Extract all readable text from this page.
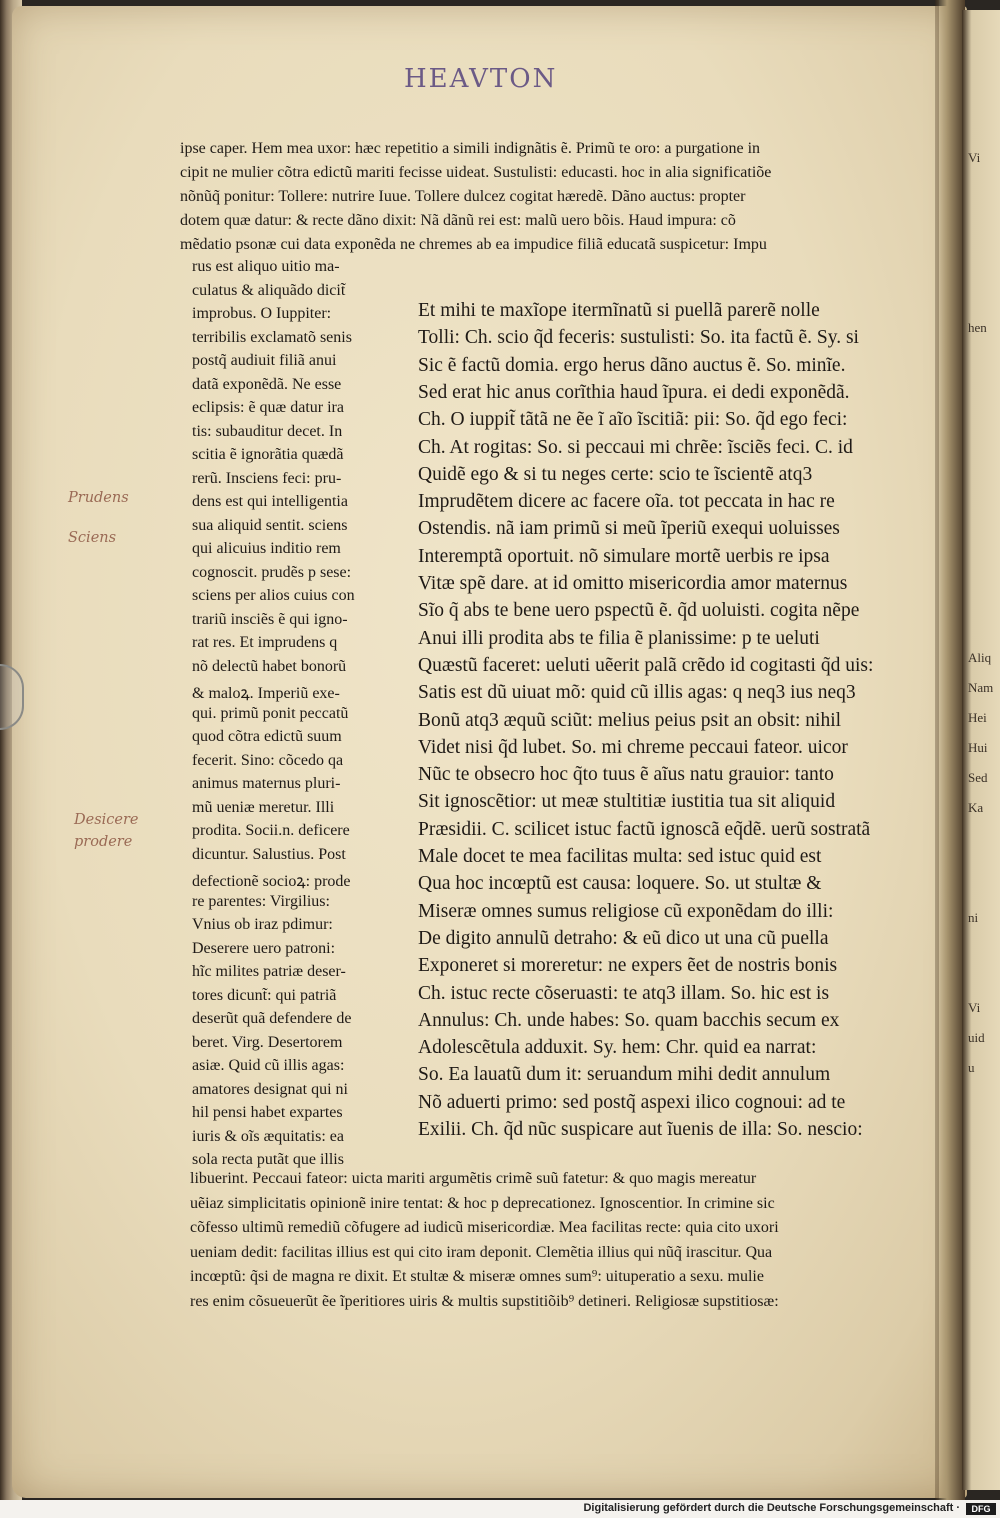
Vi
hen
Aliq
Nam
Hei
Hui
Sed
Ka
ni
Vi
uid
u
HEAVTON
ipse caper. Hem mea uxor: hæc repetitio a simili indignãtis ẽ. Primũ te oro: a purgatione in
cipit ne mulier cõtra edictũ mariti fecisse uideat. Sustulisti: educasti. hoc in alia significatiõe
nõnũq̃ ponitur: Tollere: nutrire Iuue. Tollere dulcez cogitat hæredẽ. Dãno auctus: propter
dotem quæ datur: & recte dãno dixit: Nã dãnũ rei est: malũ uero bõis. Haud impura: cõ
mẽdatio psonæ cui data exponẽda ne chremes ab ea impudice filiã educatã suspicetur: Impu
rus est aliquo uitio ma-
culatus & aliquãdo dicit̃
improbus. O Iuppiter:
terribilis exclamatõ senis
postq̃ audiuit filiã anui
datã exponẽdã. Ne esse
eclipsis: ẽ quæ datur ira
tis: subauditur decet. In
scitia ẽ ignorãtia quædã
rerũ. Insciens feci: pru-
dens est qui intelligentia
sua aliquid sentit. sciens
qui alicuius inditio rem
cognoscit. prudẽs p sese:
sciens per alios cuius con
trariũ insciẽs ẽ qui igno-
rat res. Et imprudens q
nõ delectũ habet bonorũ
& maloꝝ. Imperiũ exe-
qui. primũ ponit peccatũ
quod cõtra edictũ suum
fecerit. Sino: cõcedo qa
animus maternus pluri-
mũ ueniæ meretur. Illi
prodita. Socii.n. deficere
dicuntur. Salustius. Post
defectionẽ socioꝝ: prode
re parentes: Virgilius:
Vnius ob iraz pdimur:
Deserere uero patroni:
hĩc milites patriæ deser-
tores dicunt̃: qui patriã
deserũt quã defendere de
beret. Virg. Desertorem
asiæ. Quid cũ illis agas:
amatores designat qui ni
hil pensi habet expartes
iuris & oĩs æquitatis: ea
sola recta putãt que illis
Et mihi te maxĩope itermĩnatũ si puellã parerẽ nolle
Tolli: Ch. scio q̃d feceris: sustulisti: So. ita factũ ẽ. Sy. si
Sic ẽ factũ domia. ergo herus dãno auctus ẽ. So. minĩe.
Sed erat hic anus corĩthia haud ĩpura. ei dedi exponẽdã.
Ch. O iuppit̃ tãtã ne ẽe ĩ aĩo ĩscitiã: pii: So. q̃d ego feci:
Ch. At rogitas: So. si peccaui mi chrẽe: ĩsciẽs feci. C. id
Quidẽ ego & si tu neges certe: scio te ĩscientẽ atq3
Imprudẽtem dicere ac facere oĩa. tot peccata in hac re
Ostendis. nã iam primũ si meũ ĩperiũ exequi uoluisses
Interemptã oportuit. nõ simulare mortẽ uerbis re ipsa
Vitæ spẽ dare. at id omitto misericordia amor maternus
Sĩo q̃ abs te bene uero pspectũ ẽ. q̃d uoluisti. cogita nẽpe
Anui illi prodita abs te filia ẽ planissime: p te ueluti
Quæstũ faceret: ueluti uẽerit palã crẽdo id cogitasti q̃d uis:
Satis est dũ uiuat mõ: quid cũ illis agas: q neq3 ius neq3
Bonũ atq3 æquũ sciũt: melius peius psit an obsit: nihil
Videt nisi q̃d lubet. So. mi chreme peccaui fateor. uicor
Nũc te obsecro hoc q̃to tuus ẽ aĩus natu grauior: tanto
Sit ignoscẽtior: ut meæ stultitiæ iustitia tua sit aliquid
Præsidii. C. scilicet istuc factũ ignoscã eq̃dẽ. uerũ sostratã
Male docet te mea facilitas multa: sed istuc quid est
Qua hoc incœptũ est causa: loquere. So. ut stultæ &
Miseræ omnes sumus religiose cũ exponẽdam do illi:
De digito annulũ detraho: & eũ dico ut una cũ puella
Exponeret si moreretur: ne expers ẽet de nostris bonis
Ch. istuc recte cõseruasti: te atq3 illam. So. hic est is
Annulus: Ch. unde habes: So. quam bacchis secum ex
Adolescẽtula adduxit. Sy. hem: Chr. quid ea narrat:
So. Ea lauatũ dum it: seruandum mihi dedit annulum
Nõ aduerti primo: sed postq̃ aspexi ilico cognoui: ad te
Exilii. Ch. q̃d nũc suspicare aut ĩuenis de illa: So. nescio:
libuerint. Peccaui fateor: uicta mariti argumẽtis crimẽ suũ fatetur: & quo magis mereatur
uẽiaz simplicitatis opinionẽ inire tentat: & hoc p deprecationez. Ignoscentior. In crimine sic
cõfesso ultimũ remediũ cõfugere ad iudicũ misericordiæ. Mea facilitas recte: quia cito uxori
ueniam dedit: facilitas illius est qui cito iram deponit. Clemẽtia illius qui nũq̃ irascitur. Qua
incœptũ: q̃si de magna re dixit. Et stultæ & miseræ omnes sum⁹: uituperatio a sexu. mulie
res enim cõsueuerũt ẽe ĩperitiores uiris & multis supstitiõib⁹ detineri. Religiosæ supstitiosæ:
Prudens
Sciens
Desicere
prodere
Digitalisierung gefördert durch die Deutsche Forschungsgemeinschaft ·	DFG
